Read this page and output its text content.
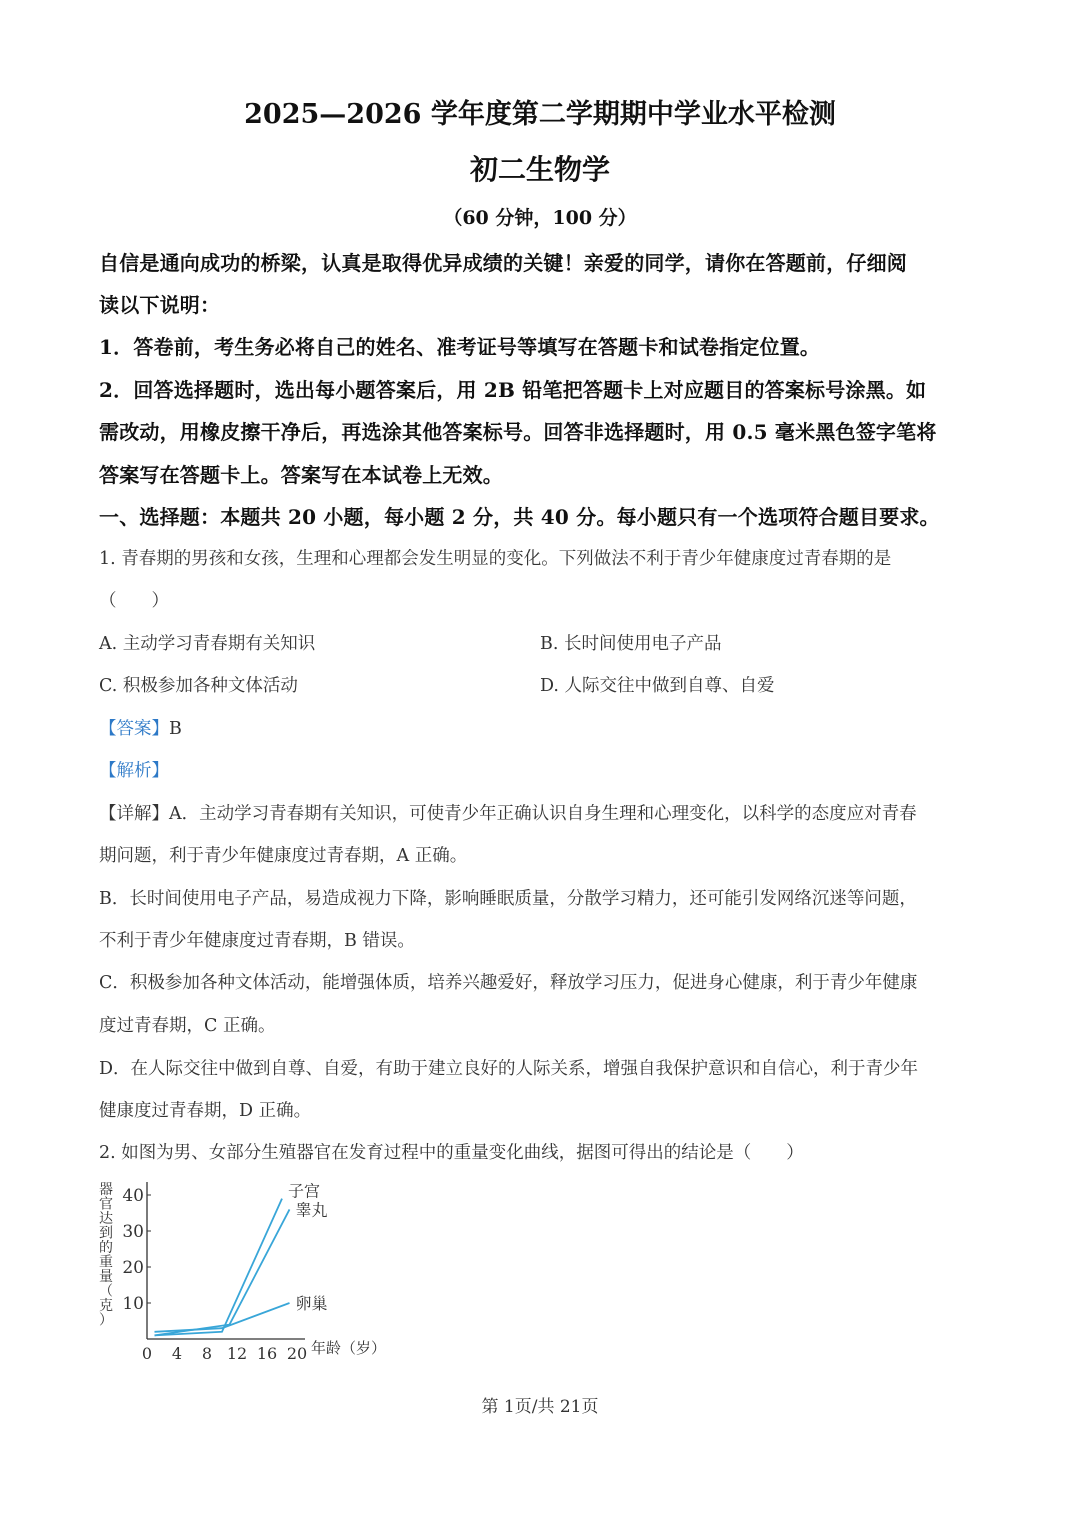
2025—2026 学年度第二学期期中学业水平检测
初二生物学
（60 分钟，100 分）
自信是通向成功的桥梁，认真是取得优异成绩的关键！亲爱的同学，请你在答题前，仔细阅
读以下说明：
1．答卷前，考生务必将自己的姓名、准考证号等填写在答题卡和试卷指定位置。
2．回答选择题时，选出每小题答案后，用 2B 铅笔把答题卡上对应题目的答案标号涂黑。如
需改动，用橡皮擦干净后，再选涂其他答案标号。回答非选择题时，用 0.5 毫米黑色签字笔将
答案写在答题卡上。答案写在本试卷上无效。
一、选择题：本题共 20 小题，每小题 2 分，共 40 分。每小题只有一个选项符合题目要求。
1. 青春期的男孩和女孩，生理和心理都会发生明显的变化。下列做法不利于青少年健康度过青春期的是
（　　）
A. 主动学习青春期有关知识	B. 长时间使用电子产品
C. 积极参加各种文体活动	D. 人际交往中做到自尊、自爱
【答案】B
【解析】
【详解】A．主动学习青春期有关知识，可使青少年正确认识自身生理和心理变化，以科学的态度应对青春
期问题，利于青少年健康度过青春期，A 正确。
B．长时间使用电子产品，易造成视力下降，影响睡眠质量，分散学习精力，还可能引发网络沉迷等问题，
不利于青少年健康度过青春期，B 错误。
C．积极参加各种文体活动，能增强体质，培养兴趣爱好，释放学习压力，促进身心健康，利于青少年健康
度过青春期，C 正确。
D．在人际交往中做到自尊、自爱，有助于建立良好的人际关系，增强自我保护意识和自信心，利于青少年
健康度过青春期，D 正确。
2. 如图为男、女部分生殖器官在发育过程中的重量变化曲线，据图可得出的结论是（　　）
器
官
达
到
的
重
量
（
克
）
10
20
30
40
0 4 8 12 16 20
子宫
睾丸
卵巢
年龄（岁）
第 1页/共 21页
